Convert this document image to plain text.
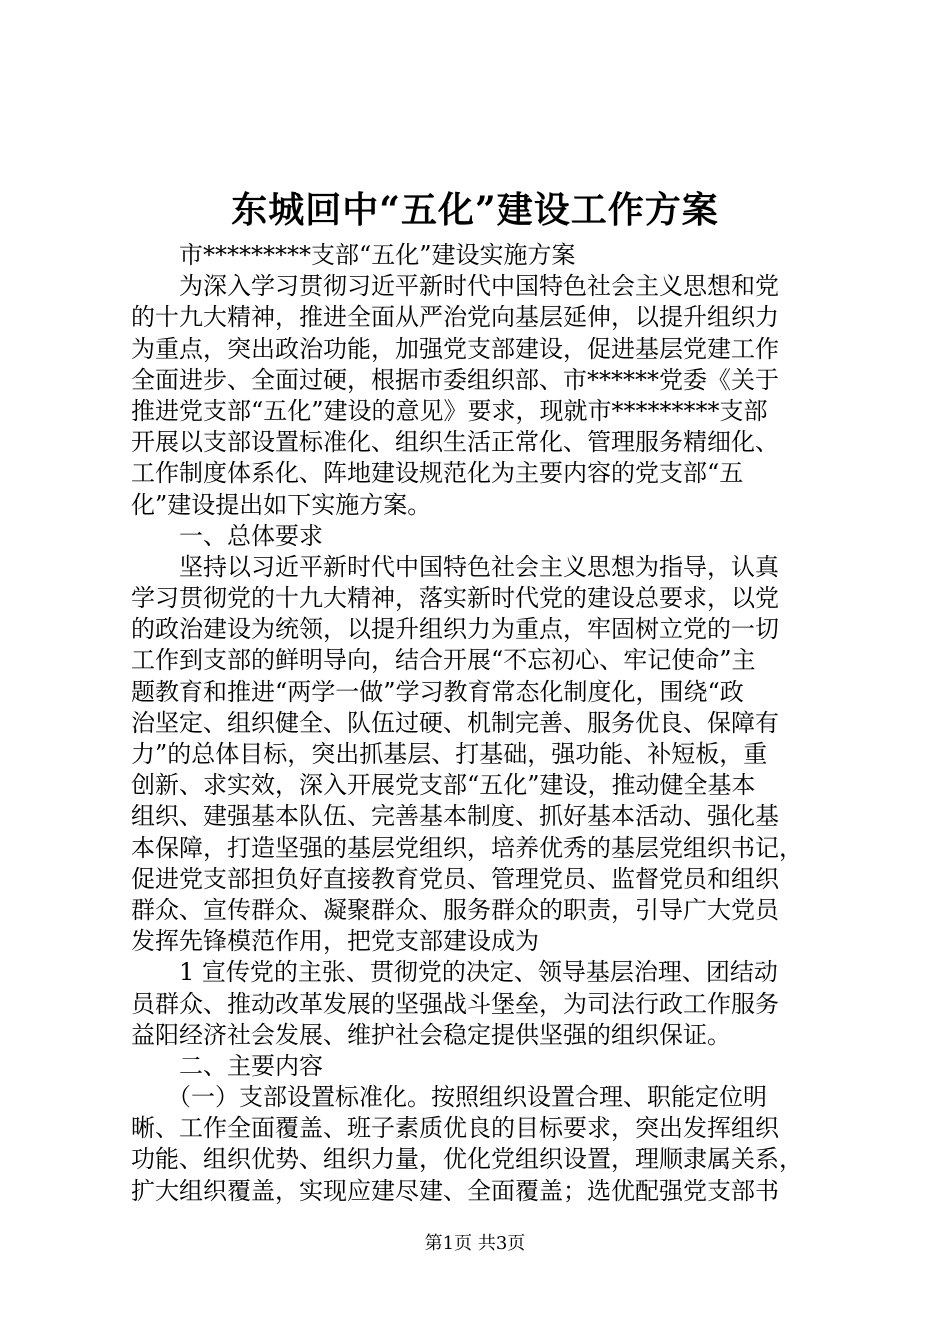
东城回中“五化”建设工作方案
　　市*********支部“五化”建设实施方案
　　为深入学习贯彻习近平新时代中国特色社会主义思想和党
的十九大精神，推进全面从严治党向基层延伸，以提升组织力
为重点，突出政治功能，加强党支部建设，促进基层党建工作
全面进步、全面过硬，根据市委组织部、市******党委《关于
推进党支部“五化”建设的意见》要求，现就市*********支部
开展以支部设置标准化、组织生活正常化、管理服务精细化、
工作制度体系化、阵地建设规范化为主要内容的党支部“五
化”建设提出如下实施方案。
　　一、总体要求
　　坚持以习近平新时代中国特色社会主义思想为指导，认真
学习贯彻党的十九大精神，落实新时代党的建设总要求，以党
的政治建设为统领，以提升组织力为重点，牢固树立党的一切
工作到支部的鲜明导向，结合开展“不忘初心、牢记使命”主
题教育和推进“两学一做”学习教育常态化制度化，围绕“政
治坚定、组织健全、队伍过硬、机制完善、服务优良、保障有
力”的总体目标，突出抓基层、打基础，强功能、补短板，重
创新、求实效，深入开展党支部“五化”建设，推动健全基本
组织、建强基本队伍、完善基本制度、抓好基本活动、强化基
本保障，打造坚强的基层党组织，培养优秀的基层党组织书记，
促进党支部担负好直接教育党员、管理党员、监督党员和组织
群众、宣传群众、凝聚群众、服务群众的职责，引导广大党员
发挥先锋模范作用，把党支部建设成为
　　1 宣传党的主张、贯彻党的决定、领导基层治理、团结动
员群众、推动改革发展的坚强战斗堡垒，为司法行政工作服务
益阳经济社会发展、维护社会稳定提供坚强的组织保证。
　　二、主要内容
　　（一）支部设置标准化。按照组织设置合理、职能定位明
晰、工作全面覆盖、班子素质优良的目标要求，突出发挥组织
功能、组织优势、组织力量，优化党组织设置，理顺隶属关系，
扩大组织覆盖，实现应建尽建、全面覆盖；选优配强党支部书
第1页 共3页
